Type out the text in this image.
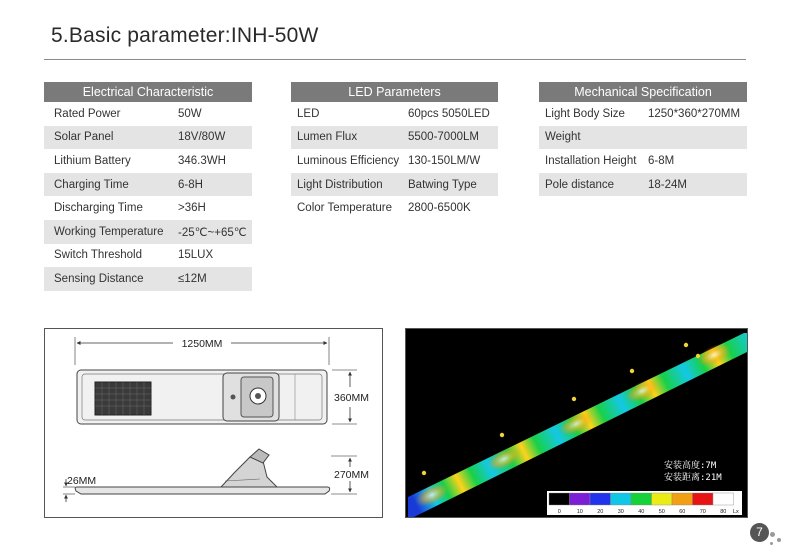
5.Basic parameter:INH-50W
Electrical Characteristic
Rated Power	50W
Solar Panel	18V/80W
Lithium Battery	346.3WH
Charging Time	6-8H
Discharging Time	>36H
Working Temperature	-25℃~+65℃
Switch Threshold	15LUX
Sensing Distance	≤12M
LED Parameters
LED	60pcs 5050LED
Lumen Flux	5500-7000LM
Luminous Efficiency 130-150LM/W
Light Distribution	Batwing Type
Color Temperature	2800-6500K
Mechanical Specification
Light Body Size	1250*360*270MM
Weight
Installation Height	6-8M
Pole distance	18-24M
1250MM
360MM
270MM
26MM
安装高度:7M
安装距离:21M
0	10	20	30	40	50	60	70	80 Lx
7
